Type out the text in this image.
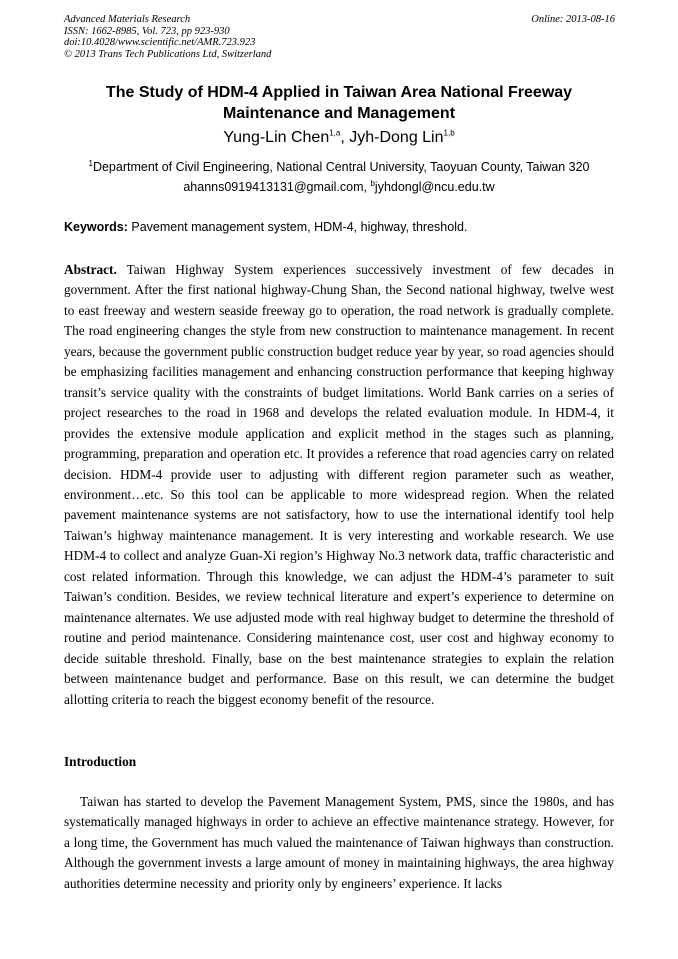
Advanced Materials Research
ISSN: 1662-8985, Vol. 723, pp 923-930
doi:10.4028/www.scientific.net/AMR.723.923
© 2013 Trans Tech Publications Ltd, Switzerland
Online: 2013-08-16
The Study of HDM-4 Applied in Taiwan Area National Freeway Maintenance and Management
Yung-Lin Chen$^{1,a}$, Jyh-Dong Lin$^{1,b}$
$^1$Department of Civil Engineering, National Central University, Taoyuan County, Taiwan 320
ahanns0919413131@gmail.com, $^b$jyhdongl@ncu.edu.tw
Keywords: Pavement management system, HDM-4, highway, threshold.
Abstract. Taiwan Highway System experiences successively investment of few decades in government. After the first national highway-Chung Shan, the Second national highway, twelve west to east freeway and western seaside freeway go to operation, the road network is gradually complete. The road engineering changes the style from new construction to maintenance management. In recent years, because the government public construction budget reduce year by year, so road agencies should be emphasizing facilities management and enhancing construction performance that keeping highway transit’s service quality with the constraints of budget limitations. World Bank carries on a series of project researches to the road in 1968 and develops the related evaluation module. In HDM-4, it provides the extensive module application and explicit method in the stages such as planning, programming, preparation and operation etc. It provides a reference that road agencies carry on related decision. HDM-4 provide user to adjusting with different region parameter such as weather, environment…etc. So this tool can be applicable to more widespread region. When the related pavement maintenance systems are not satisfactory, how to use the international identify tool help Taiwan’s highway maintenance management. It is very interesting and workable research. We use HDM-4 to collect and analyze Guan-Xi region’s Highway No.3 network data, traffic characteristic and cost related information. Through this knowledge, we can adjust the HDM-4’s parameter to suit Taiwan’s condition. Besides, we review technical literature and expert’s experience to determine on maintenance alternates. We use adjusted mode with real highway budget to determine the threshold of routine and period maintenance. Considering maintenance cost, user cost and highway economy to decide suitable threshold. Finally, base on the best maintenance strategies to explain the relation between maintenance budget and performance. Base on this result, we can determine the budget allotting criteria to reach the biggest economy benefit of the resource.
Introduction
Taiwan has started to develop the Pavement Management System, PMS, since the 1980s, and has systematically managed highways in order to achieve an effective maintenance strategy. However, for a long time, the Government has much valued the maintenance of Taiwan highways than construction. Although the government invests a large amount of money in maintaining highways, the area highway authorities determine necessity and priority only by engineers’ experience. It lacks
